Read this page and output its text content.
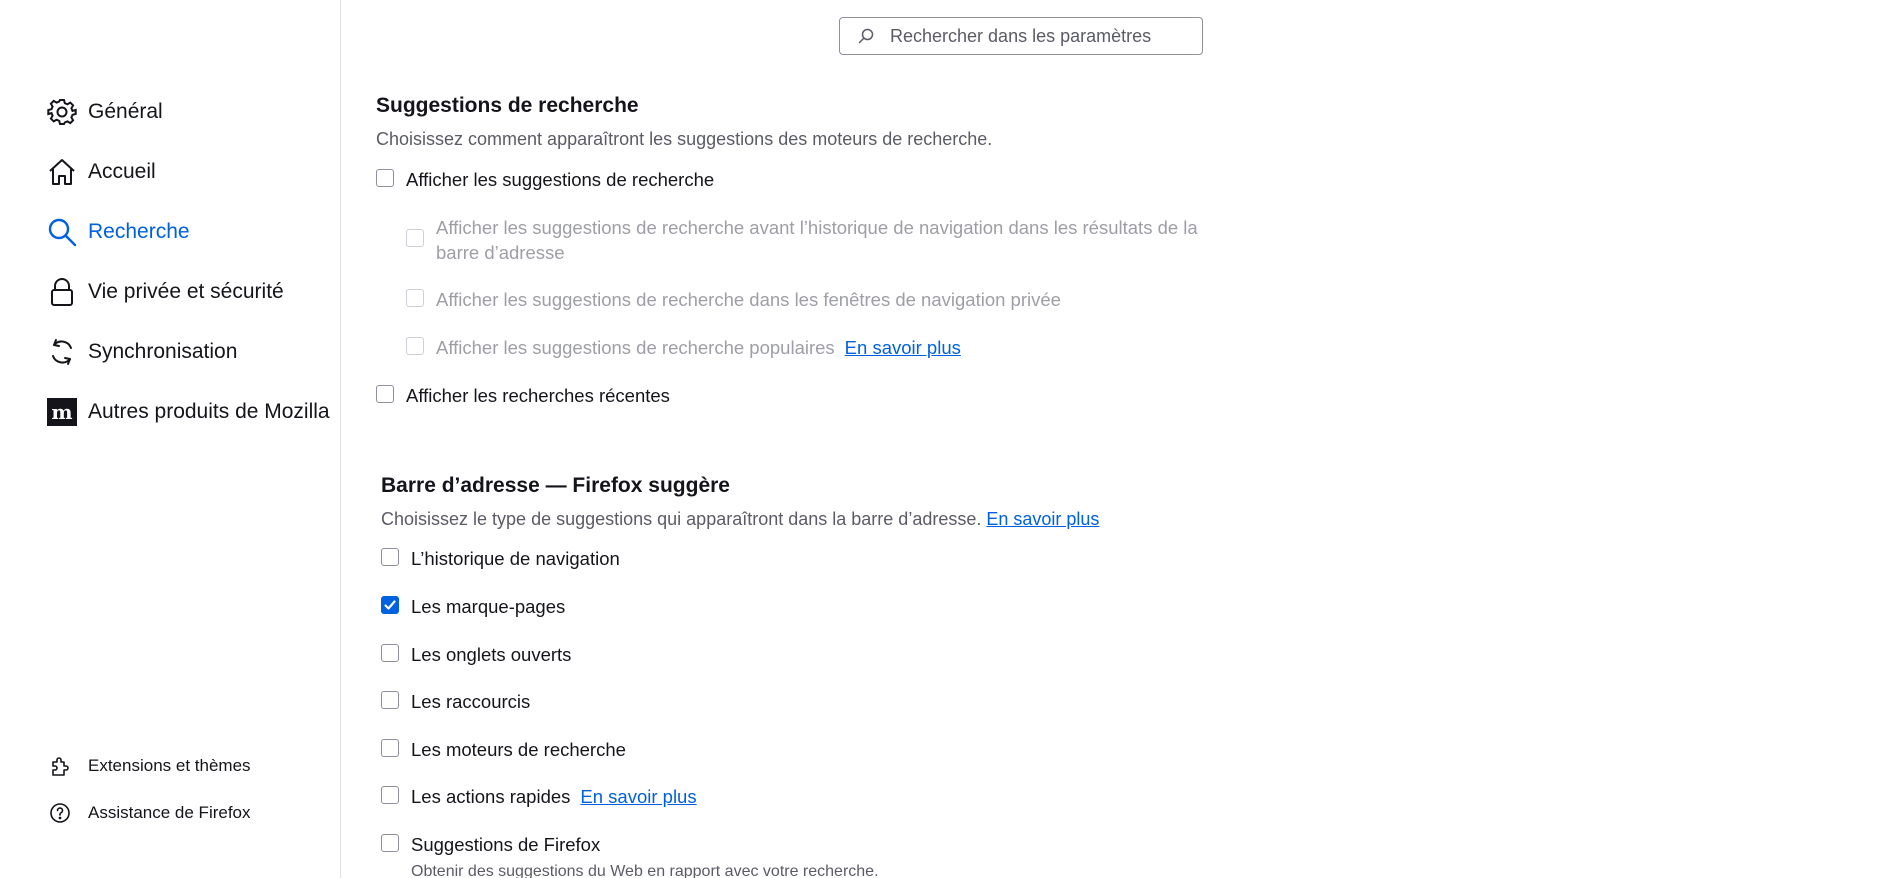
Général
Accueil
Recherche
Vie privée et sécurité
Synchronisation
m Autres produits de Mozilla
Extensions et thèmes
Assistance de Firefox
Rechercher dans les paramètres
Suggestions de recherche
Choisissez comment apparaîtront les suggestions des moteurs de recherche.
Afficher les suggestions de recherche
Afficher les suggestions de recherche avant l’historique de navigation dans les résultats de la
barre d’adresse
Afficher les suggestions de recherche dans les fenêtres de navigation privée
Afficher les suggestions de recherche populaires En savoir plus
Afficher les recherches récentes
Barre d’adresse — Firefox suggère
Choisissez le type de suggestions qui apparaîtront dans la barre d’adresse. En savoir plus
L’historique de navigation
Les marque-pages
Les onglets ouverts
Les raccourcis
Les moteurs de recherche
Les actions rapides En savoir plus
Suggestions de Firefox
Obtenir des suggestions du Web en rapport avec votre recherche.
